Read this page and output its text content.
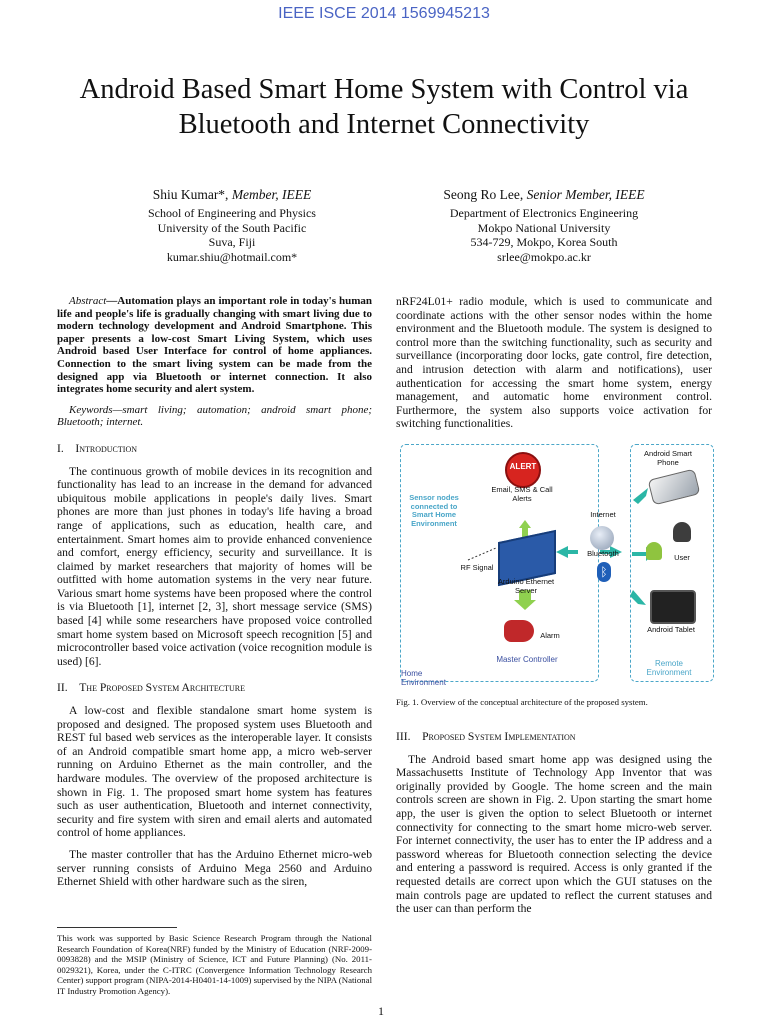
IEEE ISCE 2014 1569945213
Android Based Smart Home System with Control via Bluetooth and Internet Connectivity
Shiu Kumar*, Member, IEEE
School of Engineering and Physics
University of the South Pacific
Suva, Fiji
kumar.shiu@hotmail.com*
Seong Ro Lee, Senior Member, IEEE
Department of Electronics Engineering
Mokpo National University
534-729, Mokpo, Korea South
srlee@mokpo.ac.kr

Abstract—Automation plays an important role in today's human life and people's life is gradually changing with smart living due to modern technology development and Android Smartphone. This paper presents a low-cost Smart Living System, which uses Android based User Interface for control of home appliances. Connection to the smart living system can be made from the designed app via Bluetooth or internet connection. It also integrates home security and alert system.

Keywords—smart living; automation; android smart phone; Bluetooth; internet.

I. Introduction

The continuous growth of mobile devices in its recognition and functionality has lead to an increase in the demand for advanced ubiquitous mobile applications in people's daily lives. Smart phones are more than just phones in today's life having a broad range of applications, such as education, health care, and entertainment. Smart homes aim to provide enhanced convenience and comfort, energy efficiency, security and surveillance. It is claimed by market researchers that majority of homes will be outfitted with home automation systems in the very near future. Various smart home systems have been proposed where the control is via Bluetooth [1], internet [2, 3], short message service (SMS) based [4] while some researchers have proposed voice controlled smart home system based on Microsoft speech recognition [5] and microcontroller based voice activation (voice recognition module is used) [6].

II. The Proposed System Architecture

A low-cost and flexible standalone smart home system is proposed and designed. The proposed system uses Bluetooth and REST ful based web services as the interoperable layer. It consists of an Android compatible smart home app, a micro web-server running on Arduino Ethernet as the main controller, and the hardware modules. The overview of the proposed architecture is shown in Fig. 1. The proposed smart home system has features such as user authentication, Bluetooth and internet connectivity, security and fire system with siren and email alerts and automated control of home appliances.

The master controller that has the Arduino Ethernet micro-web server running consists of Arduino Mega 2560 and Arduino Ethernet Shield with other hardware such as the siren,

This work was supported by Basic Science Research Program through the National Research Foundation of Korea(NRF) funded by the Ministry of Education (NRF-2009-0093828) and the MSIP (Ministry of Science, ICT and Future Planning) (No. 2011-0029321), Korea, under the C-ITRC (Convergence Information Technology Research Center) support program (NIPA-2014-H0401-14-1009) supervised by the NIPA (National IT Industry Promotion Agency).

nRF24L01+ radio module, which is used to communicate and coordinate actions with the other sensor nodes within the home environment and the Bluetooth module. The system is designed to control more than the switching functionality, such as security and surveillance (incorporating door locks, gate control, fire detection, and intrusion detection with alarm and notifications), user authentication for accessing the smart home system, energy management, and automatic home environment control. Furthermore, the system also supports voice activation for switching functionalities.

Sensor nodes connected to Smart Home Environment
ALERT
Email, SMS & Call Alerts
RF Signal
Arduino Ethernet Server
Alarm
Master Controller
Home Environment
Internet
Bluetooth
ᛒ
Android Smart Phone
User
Android Tablet
Remote Environment
Fig. 1. Overview of the conceptual architecture of the proposed system.

III. Proposed System Implementation

The Android based smart home app was designed using the Massachusetts Institute of Technology App Inventor that was originally provided by Google. The home screen and the main controls screen are shown in Fig. 2. Upon starting the smart home app, the user is given the option to select Bluetooth or internet connectivity for connecting to the smart home micro-web server. For internet connectivity, the user has to enter the IP address and a password whereas for Bluetooth connection selecting the device and entering a password is required. Access is only granted if the requested details are correct upon which the GUI statuses on the main controls page are updated to reflect the current statuses and the user can than perform the

1
